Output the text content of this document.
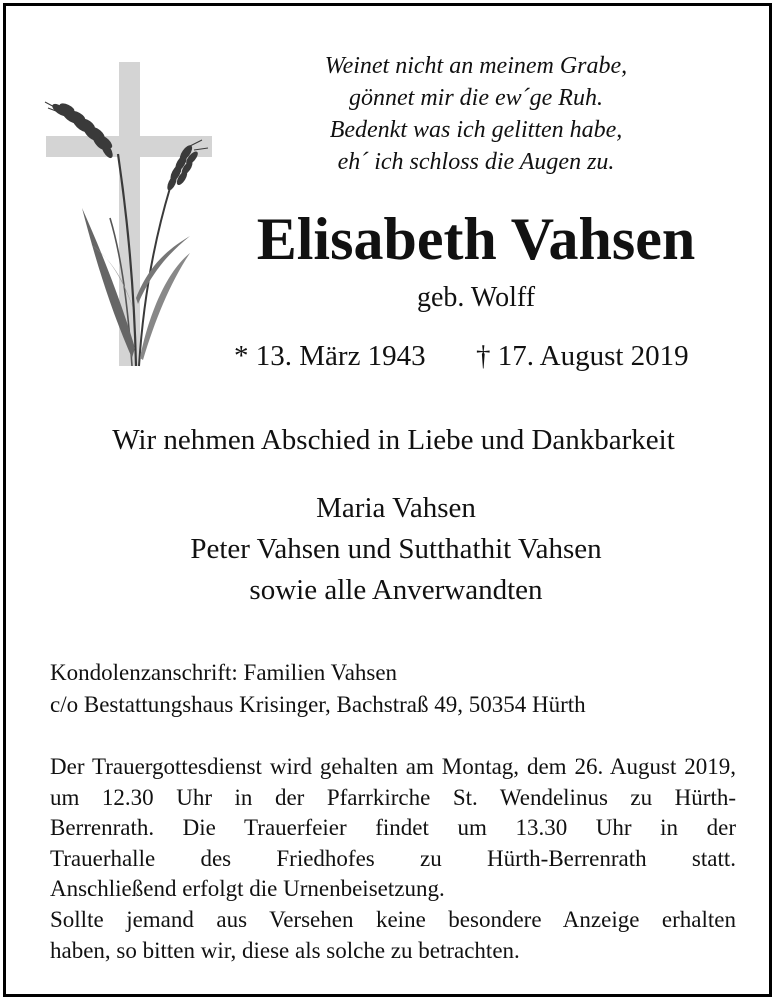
Weinet nicht an meinem Grabe,
gönnet mir die ew´ge Ruh.
Bedenkt was ich gelitten habe,
eh´ ich schloss die Augen zu.
Elisabeth Vahsen
geb. Wolff
* 13. März 1943 † 17. August 2019
Wir nehmen Abschied in Liebe und Dankbarkeit
Maria Vahsen
Peter Vahsen und Sutthathit Vahsen
sowie alle Anverwandten
Kondolenzanschrift: Familien Vahsen
c/o Bestattungshaus Krisinger, Bachstraß 49, 50354 Hürth

Der Trauergottesdienst wird gehalten am Montag, dem 26. August 2019,

um 12.30 Uhr in der Pfarrkirche St. Wendelinus zu Hürth-

Berrenrath. Die Trauerfeier findet um 13.30 Uhr in der

Trauerhalle des Friedhofes zu Hürth-Berrenrath statt.

Anschließend erfolgt die Urnenbeisetzung.

Sollte jemand aus Versehen keine besondere Anzeige erhalten

haben, so bitten wir, diese als solche zu betrachten.
